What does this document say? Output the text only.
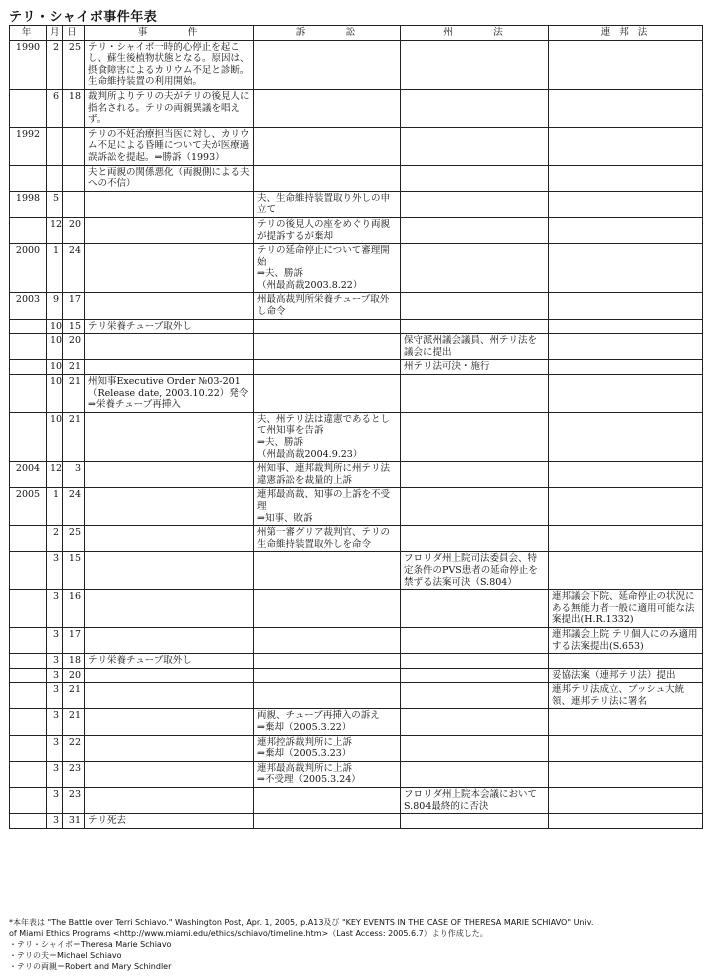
テリ・シャイボ事件年表
年	月	日	事　　　件	訴　　　訟	州　　　法	連 邦 法
1990	2	25	テリ・シャイボ一時的心停止を起こし、蘇生後植物状態となる。原因は、摂食障害によるカリウム不足と診断。生命維持装置の利用開始。			
	6	18	裁判所よりテリの夫がテリの後見人に指名される。テリの両親異議を唱えず。			
1992			テリの不妊治療担当医に対し、カリウム不足による昏睡について夫が医療過誤訴訟を提起。⇒勝訴（1993）			
			夫と両親の関係悪化（両親側による夫への不信）			
1998	5			夫、生命維持装置取り外しの申立て		
	12	20		テリの後見人の座をめぐり両親が提訴するが棄却		
2000	1	24		テリの延命停止について審理開始
⇒夫、勝訴
（州最高裁2003.8.22）		
2003	9	17		州最高裁判所栄養チューブ取外し命令		
	10	15	テリ栄養チューブ取外し			
	10	20			保守派州議会議員、州テリ法を議会に提出	
	10	21			州テリ法可決・施行	
	10	21	州知事Executive Order №03-201（Release date, 2003.10.22）発令
⇒栄養チューブ再挿入			
	10	21		夫、州テリ法は違憲であるとして州知事を告訴
⇒夫、勝訴
（州最高裁2004.9.23）		
2004	12	3		州知事、連邦裁判所に州テリ法違憲訴訟を裁量的上訴		
2005	1	24		連邦最高裁、知事の上訴を不受理
⇒知事、敗訴		
	2	25		州第一審グリア裁判官、テリの生命維持装置取外しを命令		
	3	15			フロリダ州上院司法委員会、特定条件のPVS患者の延命停止を禁ずる法案可決（S.804）	
	3	16				連邦議会下院、延命停止の状況にある無能力者一般に適用可能な法案提出(H.R.1332)
	3	17				連邦議会上院 テリ個人にのみ適用する法案提出(S.653)
	3	18	テリ栄養チューブ取外し			
	3	20				妥協法案（連邦テリ法）提出
	3	21				連邦テリ法成立、ブッシュ大統領、連邦テリ法に署名
	3	21		両親、チューブ再挿入の訴え
⇒棄却（2005.3.22）		
	3	22		連邦控訴裁判所に上訴
⇒棄却（2005.3.23）		
	3	23		連邦最高裁判所に上訴
⇒不受理（2005.3.24）		
	3	23			フロリダ州上院本会議においてS.804最終的に否決	
	3	31	テリ死去			
*本年表は "The Battle over Terri Schiavo." Washington Post, Apr. 1, 2005, p.A13及び "KEY EVENTS IN THE CASE OF THERESA MARIE SCHIAVO" Univ.
of Miami Ethics Programs <http://www.miami.edu/ethics/schiavo/timeline.htm>（Last Access: 2005.6.7）より作成した。
・テリ・シャイボ＝Theresa Marie Schiavo
・テリの夫＝Michael Schiavo
・テリの両親＝Robert and Mary Schindler
